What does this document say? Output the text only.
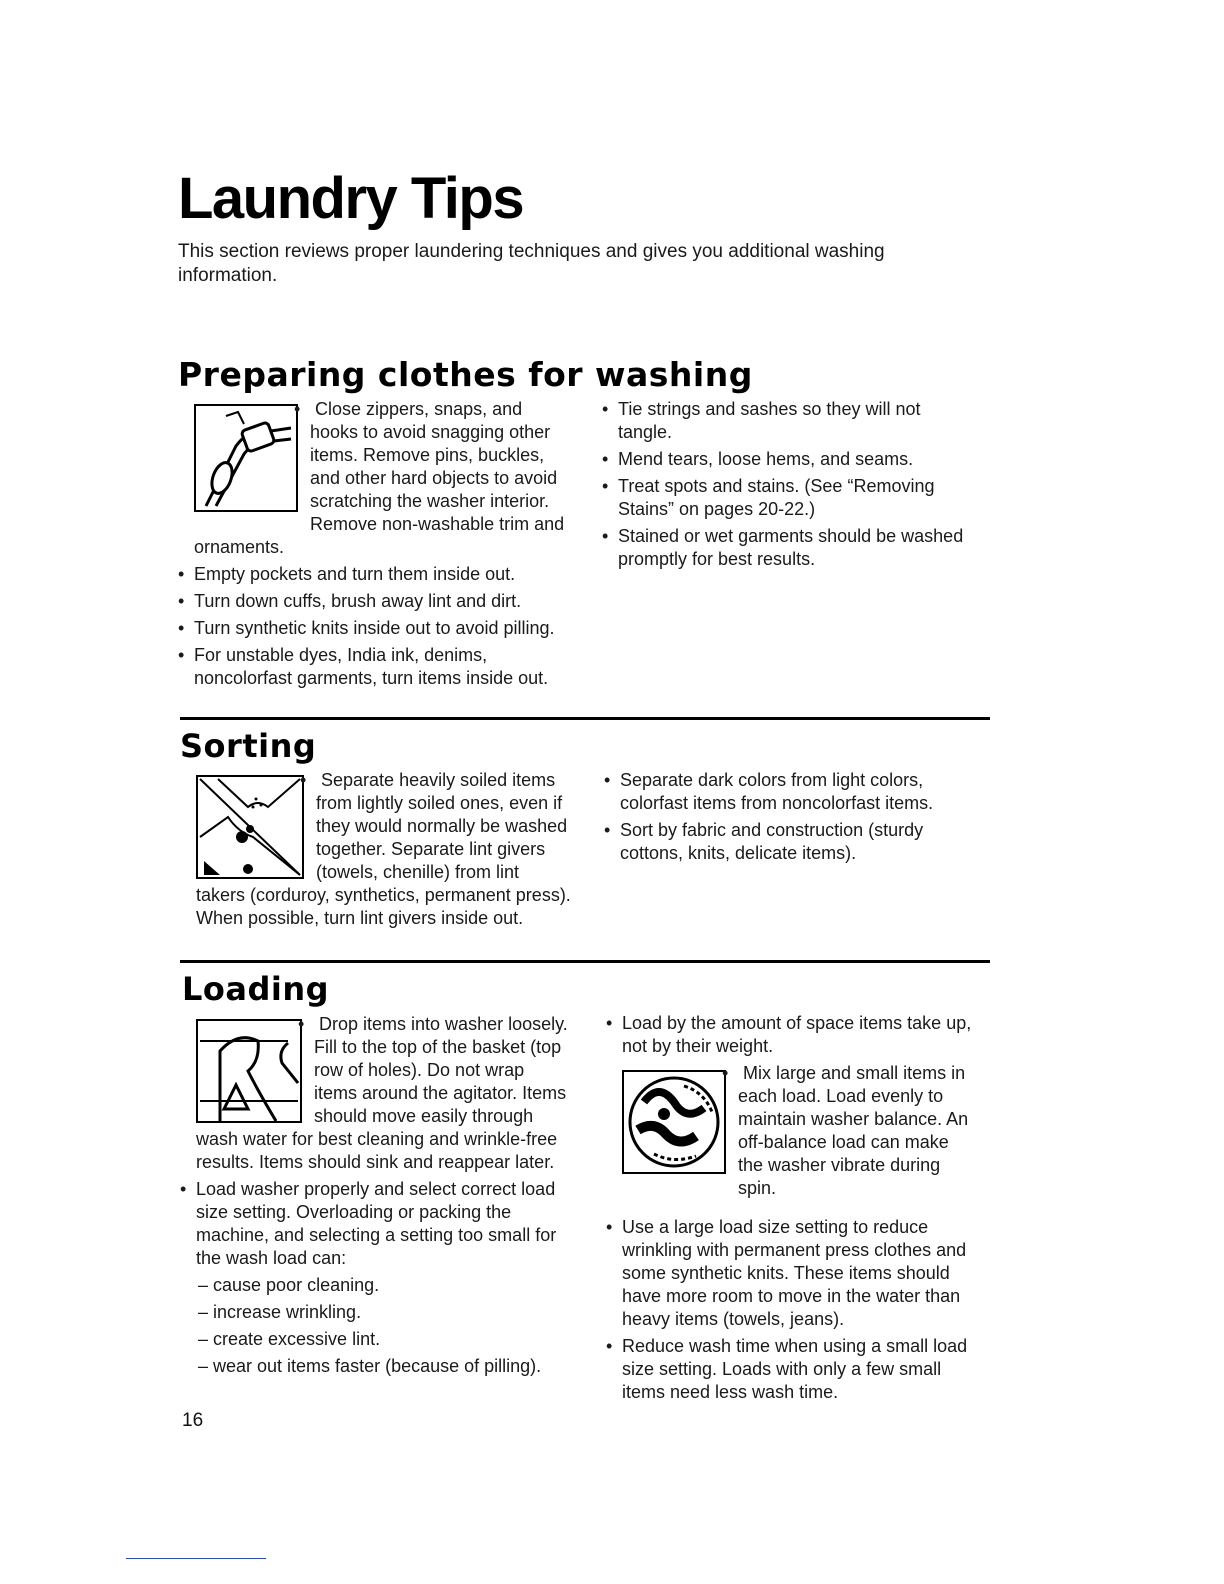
Laundry Tips

This section reviews proper laundering techniques and gives you additional washing information.

Preparing clothes for washing

• Close zippers, snaps, and hooks to avoid snagging other items. Remove pins, buckles, and other hard objects to avoid scratching the washer interior. Remove non-washable trim and ornaments.

• Empty pockets and turn them inside out.

• Turn down cuffs, brush away lint and dirt.

• Turn synthetic knits inside out to avoid pilling.

• For unstable dyes, India ink, denims, noncolorfast garments, turn items inside out.

• Tie strings and sashes so they will not tangle.

• Mend tears, loose hems, and seams.

• Treat spots and stains. (See “Removing Stains” on pages 20-22.)

• Stained or wet garments should be washed promptly for best results.

Sorting

• Separate heavily soiled items from lightly soiled ones, even if they would normally be washed together. Separate lint givers (towels, chenille) from lint takers (corduroy, synthetics, permanent press). When possible, turn lint givers inside out.

• Separate dark colors from light colors, colorfast items from noncolorfast items.

• Sort by fabric and construction (sturdy cottons, knits, delicate items).

Loading

• Drop items into washer loosely. Fill to the top of the basket (top row of holes). Do not wrap items around the agitator. Items should move easily through wash water for best cleaning and wrinkle-free results. Items should sink and reappear later.

• Load washer properly and select correct load size setting. Overloading or packing the machine, and selecting a setting too small for the wash load can:

– cause poor cleaning.

– increase wrinkling.

– create excessive lint.

– wear out items faster (because of pilling).

• Load by the amount of space items take up, not by their weight.

• Mix large and small items in each load. Load evenly to maintain washer balance. An off-balance load can make the washer vibrate during spin.

• Use a large load size setting to reduce wrinkling with permanent press clothes and some synthetic knits. These items should have more room to move in the water than heavy items (towels, jeans).

• Reduce wash time when using a small load size setting. Loads with only a few small items need less wash time.

16
